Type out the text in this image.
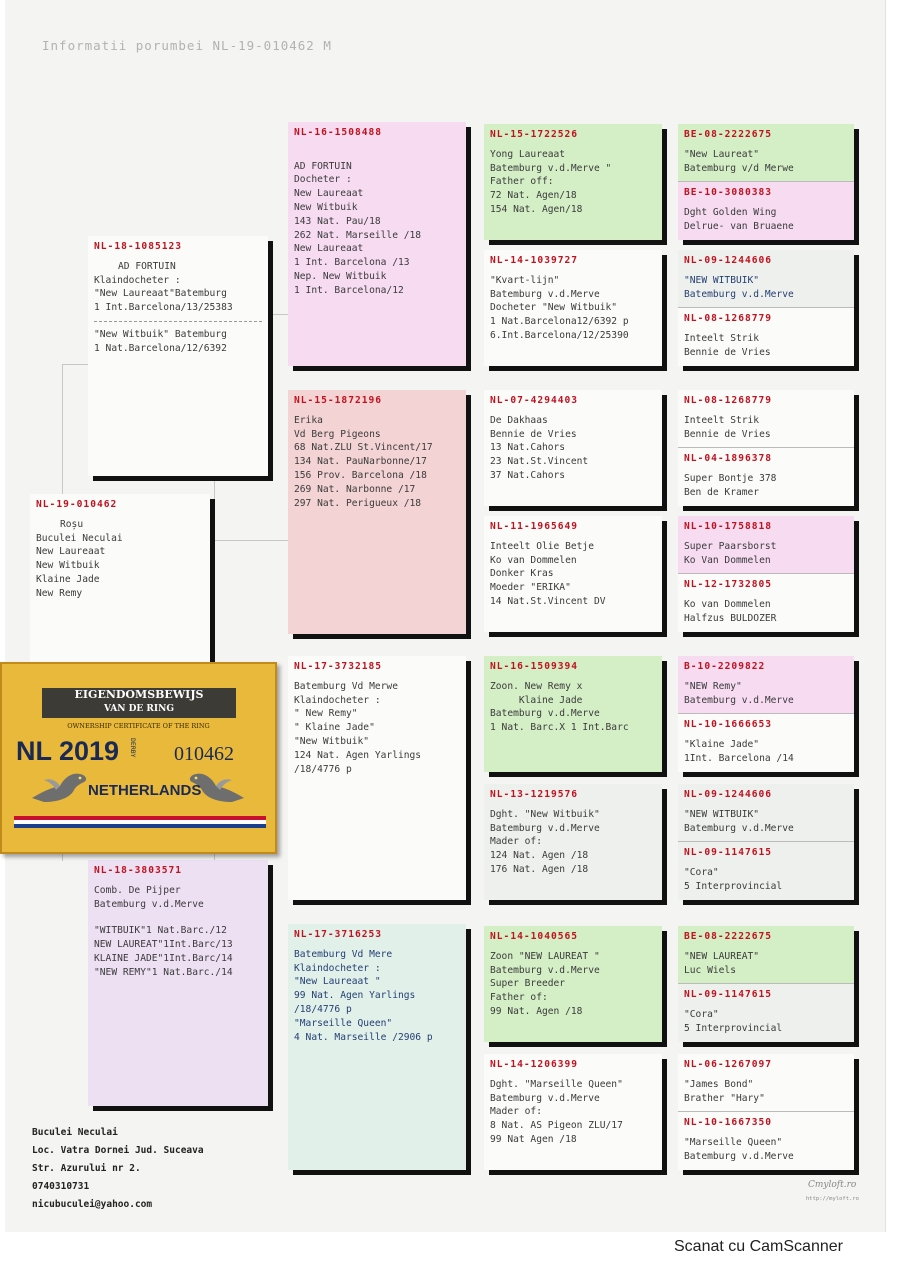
Informatii porumbei NL-19-010462 M
NL-19-010462
Roșu
Buculei Neculai
New Laureaat
New Witbuik
Klaine Jade
New Remy
NL-18-1085123
AD FORTUIN
Klaindocheter :
"New Laureaat"Batemburg
1 Int.Barcelona/13/25383
"New Witbuik" Batemburg
1 Nat.Barcelona/12/6392
NL-18-3803571
Comb. De Pijper
Batemburg v.d.Merve
"WITBUIK"1 Nat.Barc./12
NEW LAUREAT"1Int.Barc/13
KLAINE JADE"1Int.Barc/14
"NEW REMY"1 Nat.Barc./14
NL-16-1508488

AD FORTUIN
Docheter :
New Laureaat
New Witbuik
143 Nat. Pau/18
262 Nat. Marseille /18
New Laureaat
1 Int. Barcelona /13
Nep. New Witbuik
1 Int. Barcelona/12
NL-15-1872196
Erika
Vd Berg Pigeons
68 Nat.ZLU St.Vincent/17
134 Nat. PauNarbonne/17
156 Prov. Barcelona /18
269 Nat. Narbonne /17
297 Nat. Perigueux /18
NL-17-3732185
Batemburg Vd Merwe
Klaindocheter :
" New Remy"
" Klaine Jade"
"New Witbuik"
124 Nat. Agen Yarlings
/18/4776 p
NL-17-3716253
Batemburg Vd Mere
Klaindocheter :
"New Laureaat "
99 Nat. Agen Yarlings
/18/4776 p
"Marseille Queen"
4 Nat. Marseille /2906 p
NL-15-1722526
Yong Laureaat
Batemburg v.d.Merve "
Father off:
72 Nat. Agen/18
154 Nat. Agen/18
NL-14-1039727
"Kvart-lijn"
Batemburg v.d.Merve
Docheter "New Witbuik"
1 Nat.Barcelona12/6392 p
6.Int.Barcelona/12/25390
NL-07-4294403
De Dakhaas
Bennie de Vries
13 Nat.Cahors
23 Nat.St.Vincent
37 Nat.Cahors
NL-11-1965649
Inteelt Olie Betje
Ko van Dommelen
Donker Kras
Moeder "ERIKA"
14 Nat.St.Vincent DV
NL-16-1509394
Zoon. New Remy x
Klaine Jade
Batemburg v.d.Merve
1 Nat. Barc.X 1 Int.Barc
NL-13-1219576
Dght. "New Witbuik"
Batemburg v.d.Merve
Mader of:
124 Nat. Agen /18
176 Nat. Agen /18
NL-14-1040565
Zoon "NEW LAUREAT "
Batemburg v.d.Merve
Super Breeder
Father of:
99 Nat. Agen /18
NL-14-1206399
Dght. "Marseille Queen"
Batemburg v.d.Merve
Mader of:
8 Nat. AS Pigeon ZLU/17
99 Nat Agen /18
BE-08-2222675
"New Laureat"
Batemburg v/d Merwe
BE-10-3080383
Dght Golden Wing
Delrue- van Bruaene
NL-09-1244606
"NEW WITBUIK"
Batemburg v.d.Merve
NL-08-1268779
Inteelt Strik
Bennie de Vries
NL-08-1268779
Inteelt Strik
Bennie de Vries
NL-04-1896378
Super Bontje 378
Ben de Kramer
NL-10-1758818
Super Paarsborst
Ko Van Dommelen
NL-12-1732805
Ko van Dommelen
Halfzus BULDOZER
B-10-2209822
"NEW Remy"
Batemburg v.d.Merve
NL-10-1666653
"Klaine Jade"
1Int. Barcelona /14
NL-09-1244606
"NEW WITBUIK"
Batemburg v.d.Merve
NL-09-1147615
"Cora"
5 Interprovincial
BE-08-2222675
"NEW LAUREAT"
Luc Wiels
NL-09-1147615
"Cora"
5 Interprovincial
NL-06-1267097
"James Bond"
Brather "Hary"
NL-10-1667350
"Marseille Queen"
Batemburg v.d.Merve
EIGENDOMSBEWIJS
VAN DE RING
OWNERSHIP CERTIFICATE OF THE RING
NL 2019 DERBY 010462
NETHERLANDS
Buculei Neculai
Loc. Vatra Dornei Jud. Suceava
Str. Azurului nr 2.
0740310731
nicubuculei@yahoo.com
Cmyloft.ro
http://myloft.ro
Scanat cu CamScanner
